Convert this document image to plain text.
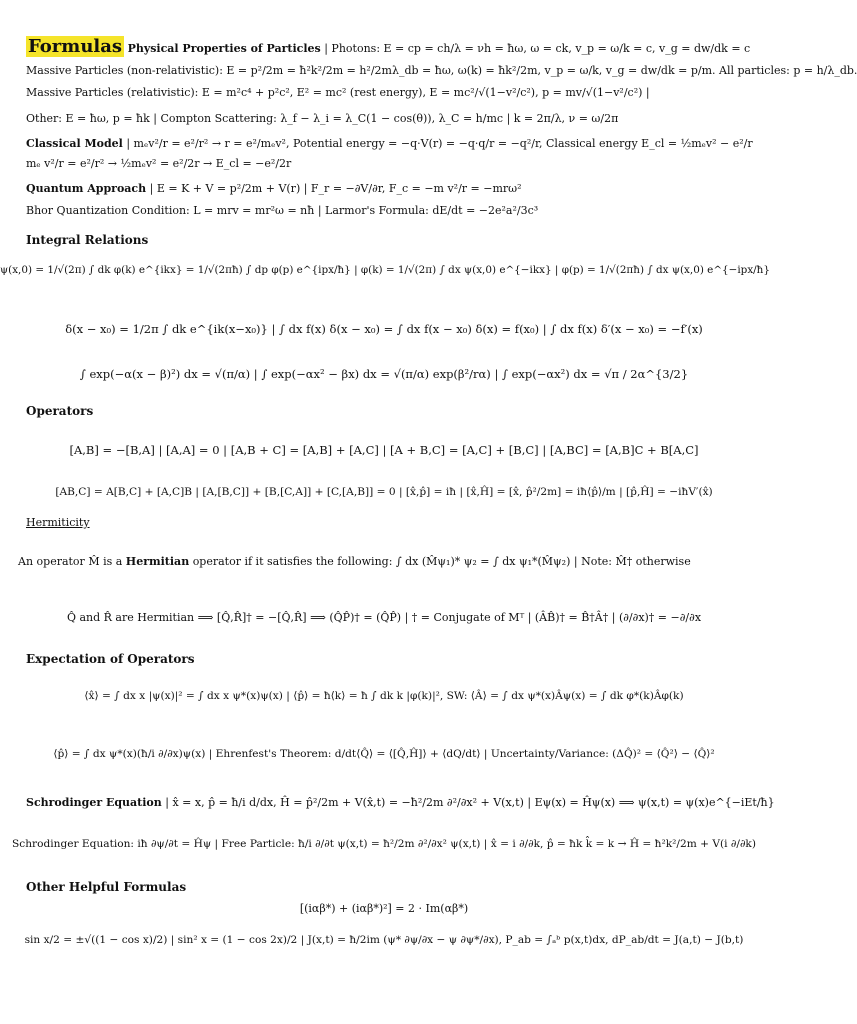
Formulas Physical Properties of Particles | Photons: E = cp = ch/λ = νh = ħω, ω = ck, v_p = ω/k = c, v_g = dw/dk = c
Massive Particles (non-relativistic): E = p²/2m = ħ²k²/2m = h²/2mλ_db = ħω, ω(k) = ħk²/2m, v_p = ω/k, v_g = dw/dk = p/m. All particles: p = h/λ_db.
Massive Particles (relativistic): E = m²c⁴ + p²c², E² = mc² (rest energy), E = mc²/√(1−v²/c²), p = mv/√(1−v²/c²) |
Other: E = ħω, p = ħk | Compton Scattering: λ_f − λ_i = λ_C(1 − cos(θ)), λ_C = h/mc | k = 2π/λ, ν = ω/2π
Classical Model | mₑv²/r = e²/r² → r = e²/mₑv², Potential energy = −q·V(r) = −q·q/r = −q²/r, Classical energy E_cl = ½mₑv² − e²/r
mₑ v²/r = e²/r² → ½mₑv² = e²/2r → E_cl = −e²/2r
Quantum Approach | E = K + V = p²/2m + V(r) | F_r = −∂V/∂r, F_c = −m v²/r = −mrω²
Bhor Quantization Condition: L = mrv = mr²ω = nħ | Larmor's Formula: dE/dt = −2e²a²/3c³
Integral Relations
ψ(x,0) = 1/√(2π) ∫ dk φ(k) e^{ikx} = 1/√(2πħ) ∫ dp φ(p) e^{ipx/ħ} | φ(k) = 1/√(2π) ∫ dx ψ(x,0) e^{−ikx} | φ(p) = 1/√(2πħ) ∫ dx ψ(x,0) e^{−ipx/ħ}
δ(x − x₀) = 1/2π ∫ dk e^{ik(x−x₀)} | ∫ dx f(x) δ(x − x₀) = ∫ dx f(x − x₀) δ(x) = f(x₀) | ∫ dx f(x) δ′(x − x₀) = −f′(x)
∫ exp(−α(x − β)²) dx = √(π/α) | ∫ exp(−αx² − βx) dx = √(π/α) exp(β²/rα) | ∫ exp(−αx²) dx = √π / 2α^{3/2}
Operators
[A,B] = −[B,A] | [A,A] = 0 | [A,B + C] = [A,B] + [A,C] | [A + B,C] = [A,C] + [B,C] | [A,BC] = [A,B]C + B[A,C]
[AB,C] = A[B,C] + [A,C]B | [A,[B,C]] + [B,[C,A]] + [C,[A,B]] = 0 | [x̂,p̂] = iħ | [x̂,Ĥ] = [x̂, p̂²/2m] = iħ⟨p̂⟩/m | [p̂,Ĥ] = −iħV′(x̂)
Hermiticity
An operator M̂ is a Hermitian operator if it satisfies the following: ∫ dx (M̂ψ₁)* ψ₂ = ∫ dx ψ₁*(M̂ψ₂) | Note: M̂† otherwise
Q̂ and R̂ are Hermitian ⟹ [Q̂,R̂]† = −[Q̂,R̂] ⟹ (Q̂P̂)† = (Q̂P̂) | † = Conjugate of Mᵀ | (ÂB̂)† = B̂†Â† | (∂/∂x)† = −∂/∂x
Expectation of Operators
⟨x̂⟩ = ∫ dx x |ψ(x)|² = ∫ dx x ψ*(x)ψ(x) | ⟨p̂⟩ = ħ⟨k⟩ = ħ ∫ dk k |φ(k)|², SW: ⟨Â⟩ = ∫ dx ψ*(x)Âψ(x) = ∫ dk φ*(k)Âφ(k)
⟨p̂⟩ = ∫ dx ψ*(x)(ħ/i ∂/∂x)ψ(x) | Ehrenfest's Theorem: d/dt⟨Q̂⟩ = ⟨[Q̂,Ĥ]⟩ + ⟨dQ/dt⟩ | Uncertainty/Variance: (ΔQ̂)² = ⟨Q̂²⟩ − ⟨Q̂⟩²
Schrodinger Equation | x̂ = x, p̂ = ħ/i d/dx, Ĥ = p̂²/2m + V(x̂,t) = −ħ²/2m ∂²/∂x² + V(x,t) | Eψ(x) = Ĥψ(x) ⟹ ψ(x,t) = ψ(x)e^{−iEt/ħ}
Schrodinger Equation: iħ ∂ψ/∂t = Ĥψ | Free Particle: ħ/i ∂/∂t ψ(x,t) = ħ²/2m ∂²/∂x² ψ(x,t) | x̂ = i ∂/∂k, p̂ = ħk k̂ = k → Ĥ = ħ²k²/2m + V(i ∂/∂k)
Other Helpful Formulas
[(iαβ*) + (iαβ*)²] = 2 · Im(αβ*)
sin x/2 = ±√((1 − cos x)/2) | sin² x = (1 − cos 2x)/2 | J(x,t) = ħ/2im (ψ* ∂ψ/∂x − ψ ∂ψ*/∂x), P_ab = ∫ₐᵇ p(x,t)dx, dP_ab/dt = J(a,t) − J(b,t)
